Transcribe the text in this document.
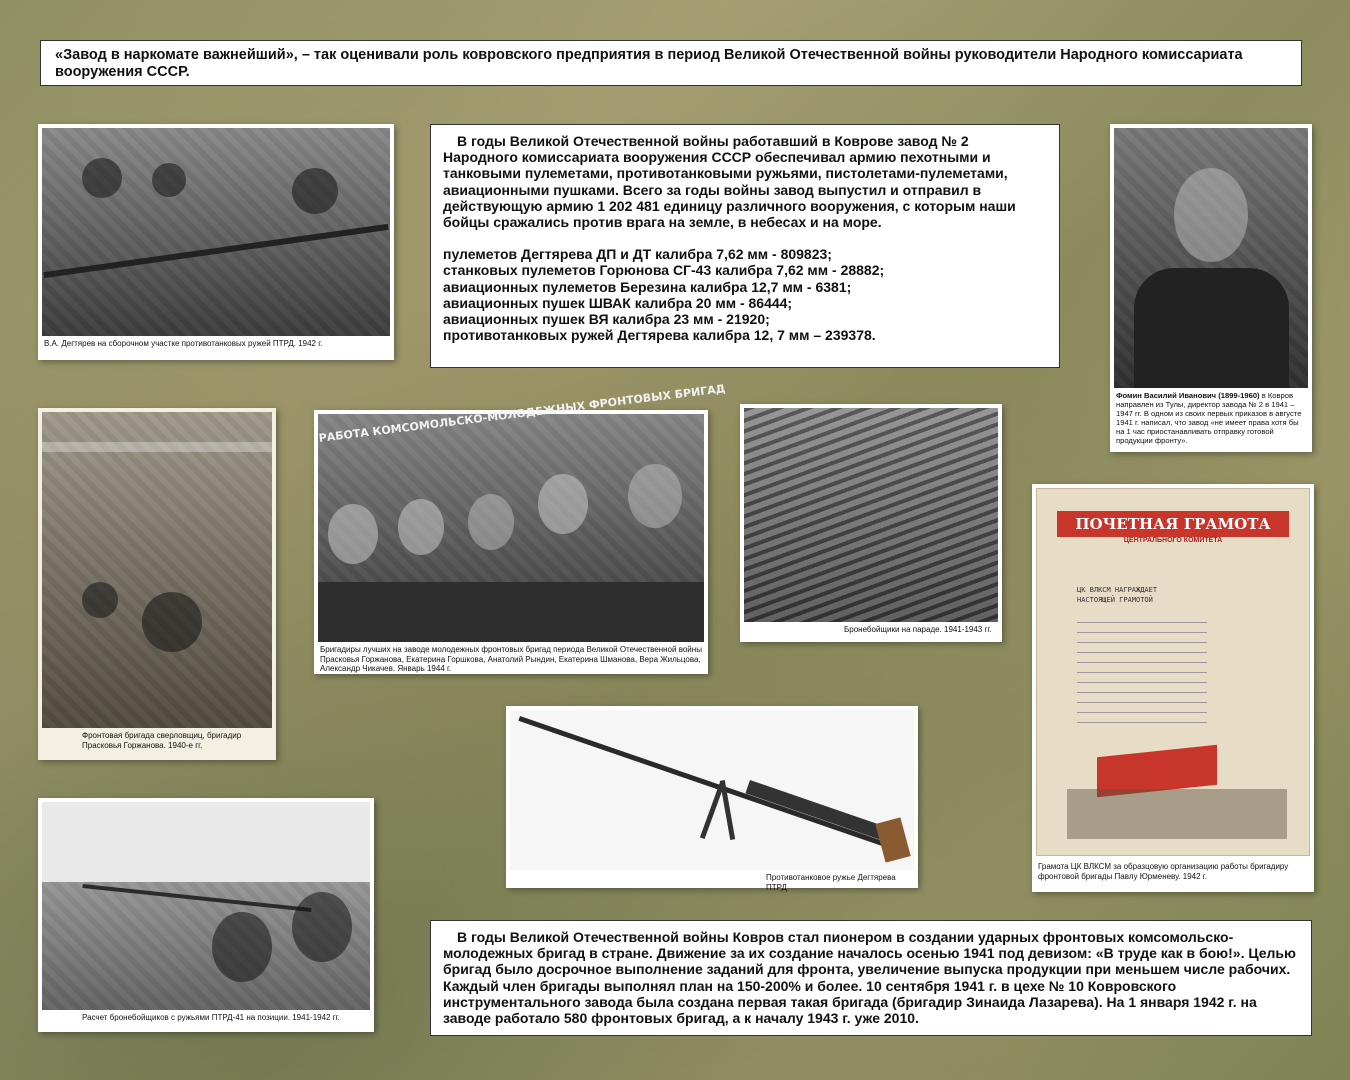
«Завод в наркомате важнейший», – так оценивали роль ковровского предприятия в период Великой Отечественной войны руководители Народного комиссариата вооружения СССР.

В.А. Дегтярев на сборочном участке противотанковых ружей ПТРД. 1942 г.

В годы Великой Отечественной войны работавший в Коврове завод № 2 Народного комиссариата вооружения СССР обеспечивал армию пехотными и танковыми пулеметами, противотанковыми ружьями, пистолетами-пулеметами, авиационными пушками. Всего за годы войны завод выпустил и отправил в действующую армию 1 202 481 единицу различного вооружения, с которым наши бойцы сражались против врага на земле, в небесах и на море.

пулеметов Дегтярева ДП и ДТ калибра 7,62 мм - 809823;
станковых пулеметов Горюнова СГ-43 калибра 7,62 мм - 28882;
авиационных пулеметов Березина калибра 12,7 мм - 6381;
авиационных пушек ШВАК калибра 20 мм - 86444;
авиационных пушек ВЯ калибра 23 мм - 21920;
противотанковых ружей Дегтярева калибра 12, 7 мм – 239378.
Фомин Василий Иванович (1899-1960) в Ковров направлен из Тулы, директор завода № 2 в 1941 –1947 гг. В одном из своих первых приказов в августе 1941 г. написал, что завод «не имеет права хотя бы на 1 час приостанавливать отправку готовой продукции фронту».
Фронтовая бригада сверловщиц, бригадир Прасковья Горжанова. 1940-е гг.
РАБОТА КОМСОМОЛЬСКО-МОЛОДЕЖНЫХ ФРОНТОВЫХ БРИГАД
Бригадиры лучших на заводе молодежных фронтовых бригад периода Великой Отечественной войны Прасковья Горжанова, Екатерина Горшкова, Анатолий Рындин, Екатерина Шманова, Вера Жильцова, Александр Чикачев. Январь 1944 г.
Бронебойщики на параде. 1941-1943 гг.
Противотанковое ружье Дегтярева ПТРД
ПОЧЕТНАЯ ГРАМОТА
ЦЕНТРАЛЬНОГО КОМИТЕТА
ЦК ВЛКСМ НАГРАЖДАЕТ НАСТОЯЩЕЙ ГРАМОТОЙ
Грамота ЦК ВЛКСМ за образцовую организацию работы бригадиру фронтовой бригады Павлу Юрменеву. 1942 г.
Расчет бронебойщиков с ружьями ПТРД-41 на позиции. 1941-1942 гг.

В годы Великой Отечественной войны Ковров стал пионером в создании ударных фронтовых комсомольско-молодежных бригад в стране. Движение за их создание началось осенью 1941 под девизом: «В труде как в бою!». Целью бригад было досрочное выполнение заданий для фронта, увеличение выпуска продукции при меньшем числе рабочих. Каждый член бригады выполнял план на 150-200% и более. 10 сентября 1941 г. в цехе № 10 Ковровского инструментального завода была создана первая такая бригада (бригадир Зинаида Лазарева). На 1 января 1942 г. на заводе работало 580 фронтовых бригад, а к началу 1943 г. уже 2010.
